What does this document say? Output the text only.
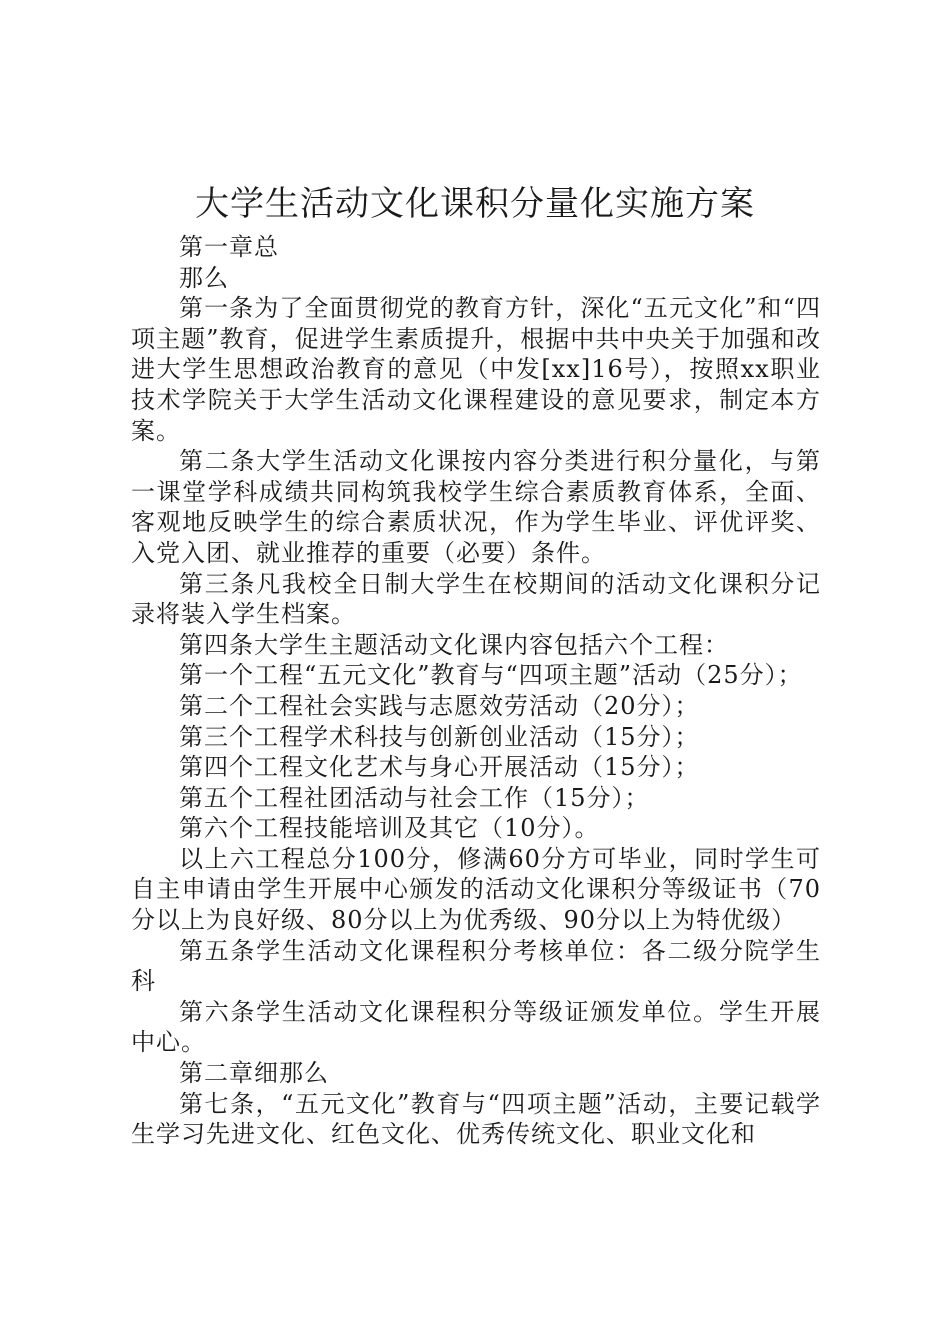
大学生活动文化课积分量化实施方案

第一章总

那么

第一条为了全面贯彻党的教育方针，深化“五元文化”和“四项主题”教育，促进学生素质提升，根据中共中央关于加强和改进大学生思想政治教育的意见（中发[xx]16号），按照xx职业技术学院关于大学生活动文化课程建设的意见要求，制定本方案。

第二条大学生活动文化课按内容分类进行积分量化，与第一课堂学科成绩共同构筑我校学生综合素质教育体系，全面、客观地反映学生的综合素质状况，作为学生毕业、评优评奖、入党入团、就业推荐的重要（必要）条件。

第三条凡我校全日制大学生在校期间的活动文化课积分记录将装入学生档案。

第四条大学生主题活动文化课内容包括六个工程：

第一个工程“五元文化”教育与“四项主题”活动（25分）；

第二个工程社会实践与志愿效劳活动（20分）；

第三个工程学术科技与创新创业活动（15分）；

第四个工程文化艺术与身心开展活动（15分）；

第五个工程社团活动与社会工作（15分）；

第六个工程技能培训及其它（10分）。

以上六工程总分100分，修满60分方可毕业，同时学生可自主申请由学生开展中心颁发的活动文化课积分等级证书（70分以上为良好级、80分以上为优秀级、90分以上为特优级）

第五条学生活动文化课程积分考核单位：各二级分院学生科

第六条学生活动文化课程积分等级证颁发单位。学生开展中心。

第二章细那么

第七条，“五元文化”教育与“四项主题”活动，主要记载学生学习先进文化、红色文化、优秀传统文化、职业文化和
